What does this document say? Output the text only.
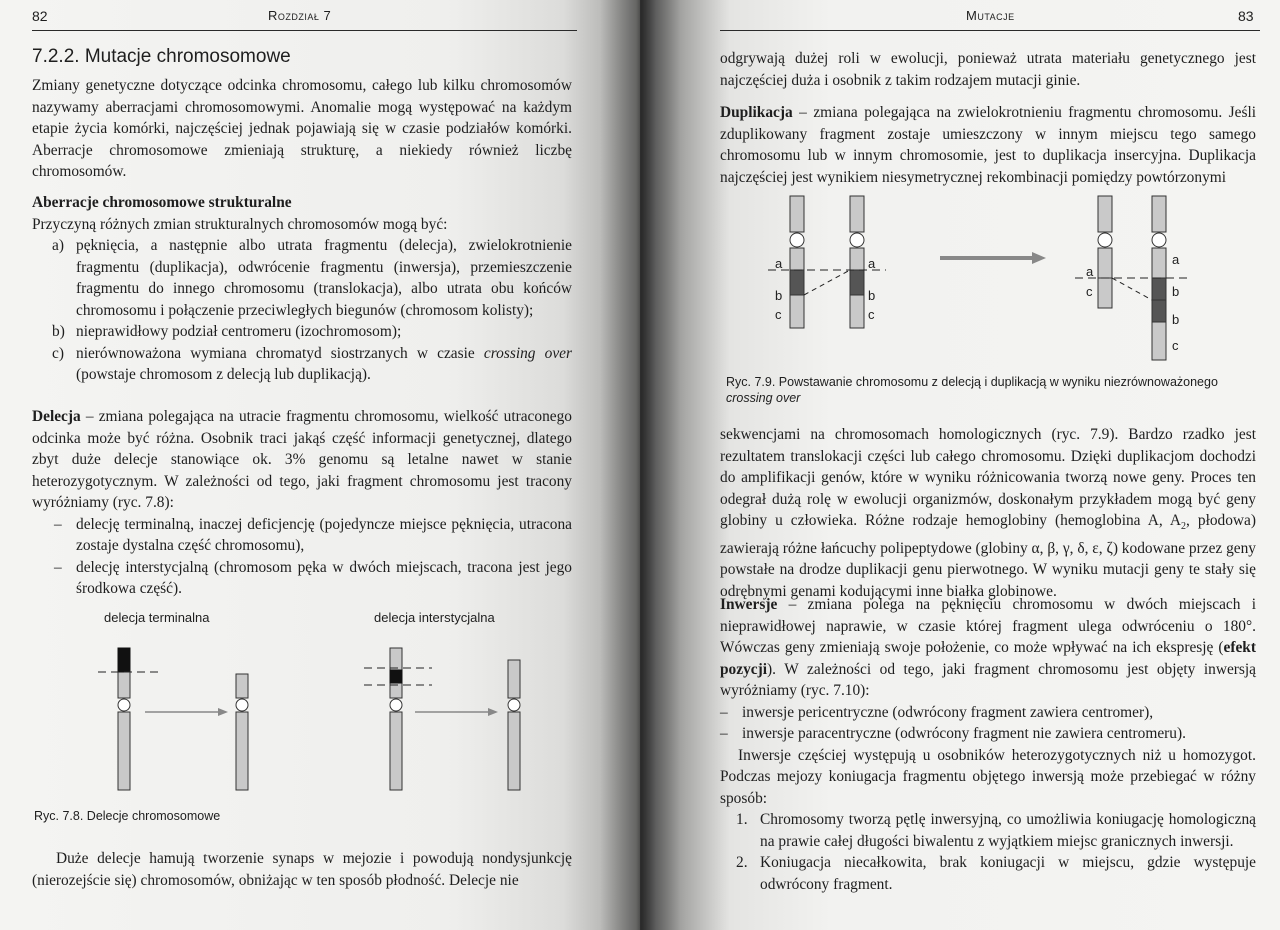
82	Rozdział 7
7.2.2. Mutacje chromosomowe

Zmiany genetyczne dotyczące odcinka chromosomu, całego lub kilku chromosomów nazywamy aberracjami chromosomowymi. Anomalie mogą występować na każdym etapie życia komórki, najczęściej jednak pojawiają się w czasie podziałów komórki. Aberracje chromosomowe zmieniają strukturę, a niekiedy również liczbę chromosomów.

Aberracje chromosomowe strukturalne

Przyczyną różnych zmian strukturalnych chromosomów mogą być:

a) pęknięcia, a następnie albo utrata fragmentu (delecja), zwielokrotnienie fragmentu (duplikacja), odwrócenie fragmentu (inwersja), przemieszczenie fragmentu do innego chromosomu (translokacja), albo utrata obu końców chromosomu i połączenie przeciwległych biegunów (chromosom kolisty);
b) nieprawidłowy podział centromeru (izochromosom);
c) nierównoważona wymiana chromatyd siostrzanych w czasie crossing over (powstaje chromosom z delecją lub duplikacją).

Delecja – zmiana polegająca na utracie fragmentu chromosomu, wielkość utraconego odcinka może być różna. Osobnik traci jakąś część informacji genetycznej, dlatego zbyt duże delecje stanowiące ok. 3% genomu są letalne nawet w stanie heterozygotycznym. W zależności od tego, jaki fragment chromosomu jest tracony wyróżniamy (ryc. 7.8):

– delecję terminalną, inaczej deficjencję (pojedyncze miejsce pęknięcia, utracona zostaje dystalna część chromosomu),
– delecję interstycjalną (chromosom pęka w dwóch miejscach, tracona jest jego środkowa część).
delecja terminalna	delecja interstycjalna
Ryc. 7.8. Delecje chromosomowe

Duże delecje hamują tworzenie synaps w mejozie i powodują nondysjunkcję (nierozejście się) chromosomów, obniżając w ten sposób płodność. Delecje nie

Mutacje	83

odgrywają dużej roli w ewolucji, ponieważ utrata materiału genetycznego jest najczęściej duża i osobnik z takim rodzajem mutacji ginie.

Duplikacja – zmiana polegająca na zwielokrotnieniu fragmentu chromosomu. Jeśli zduplikowany fragment zostaje umieszczony w innym miejscu tego samego chromosomu lub w innym chromosomie, jest to duplikacja insercyjna. Duplikacja najczęściej jest wynikiem niesymetrycznej rekombinacji pomiędzy powtórzonymi

a
b
c
a
b
c
a
c
a
b
b
c
Ryc. 7.9. Powstawanie chromosomu z delecją i duplikacją w wyniku niezrównoważonego
crossing over

sekwencjami na chromosomach homologicznych (ryc. 7.9). Bardzo rzadko jest rezultatem translokacji części lub całego chromosomu. Dzięki duplikacjom dochodzi do amplifikacji genów, które w wyniku różnicowania tworzą nowe geny. Proces ten odegrał dużą rolę w ewolucji organizmów, doskonałym przykładem mogą być geny globiny u człowieka. Różne rodzaje hemoglobiny (hemoglobina A, $A_2$, płodowa) zawierają różne łańcuchy polipeptydowe (globiny α, β, γ, δ, ε, ζ) kodowane przez geny powstałe na drodze duplikacji genu pierwotnego. W wyniku mutacji geny te stały się odrębnymi genami kodującymi inne białka globinowe.

Inwersje – zmiana polega na pęknięciu chromosomu w dwóch miejscach i nieprawidłowej naprawie, w czasie której fragment ulega odwróceniu o 180°. Wówczas geny zmieniają swoje położenie, co może wpływać na ich ekspresję (efekt pozycji). W zależności od tego, jaki fragment chromosomu jest objęty inwersją wyróżniamy (ryc. 7.10):

– inwersje pericentryczne (odwrócony fragment zawiera centromer),
– inwersje paracentryczne (odwrócony fragment nie zawiera centromeru).

Inwersje częściej występują u osobników heterozygotycznych niż u homozygot. Podczas mejozy koniugacja fragmentu objętego inwersją może przebiegać w różny sposób:

1. Chromosomy tworzą pętlę inwersyjną, co umożliwia koniugację homologiczną na prawie całej długości biwalentu z wyjątkiem miejsc granicznych inwersji.
2. Koniugacja niecałkowita, brak koniugacji w miejscu, gdzie występuje odwrócony fragment.
